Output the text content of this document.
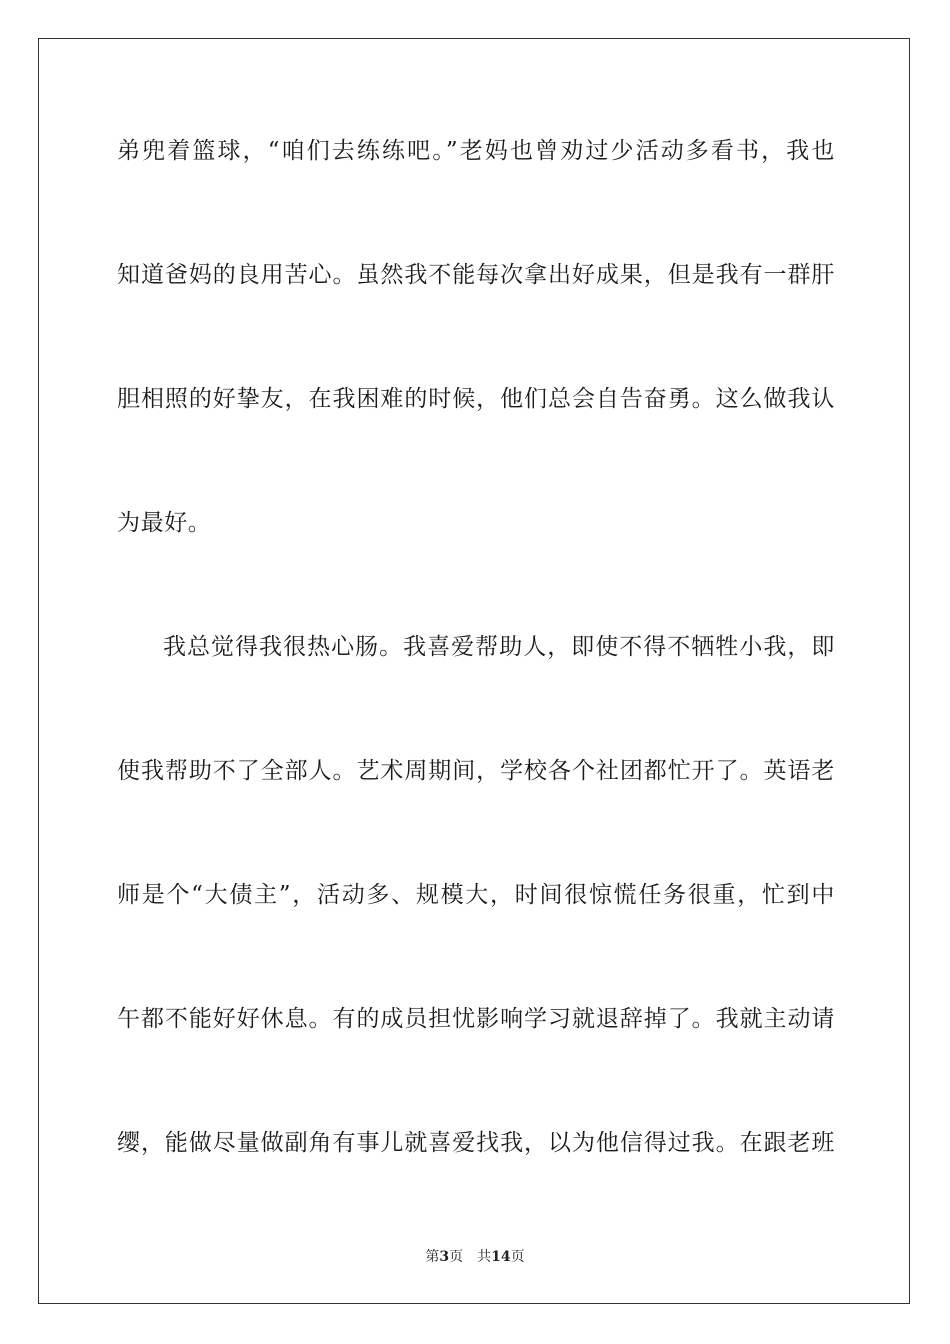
弟兜着篮球，“咱们去练练吧。”老妈也曾劝过少活动多看书，我也
知道爸妈的良用苦心。虽然我不能每次拿出好成果，但是我有一群肝
胆相照的好挚友，在我困难的时候，他们总会自告奋勇。这么做我认
为最好。
我总觉得我很热心肠。我喜爱帮助人，即使不得不牺牲小我，即
使我帮助不了全部人。艺术周期间，学校各个社团都忙开了。英语老
师是个“大债主”，活动多、规模大，时间很惊慌任务很重，忙到中
午都不能好好休息。有的成员担忧影响学习就退辞掉了。我就主动请
缨，能做尽量做副角有事儿就喜爱找我，以为他信得过我。在跟老班
第3页 共14页
